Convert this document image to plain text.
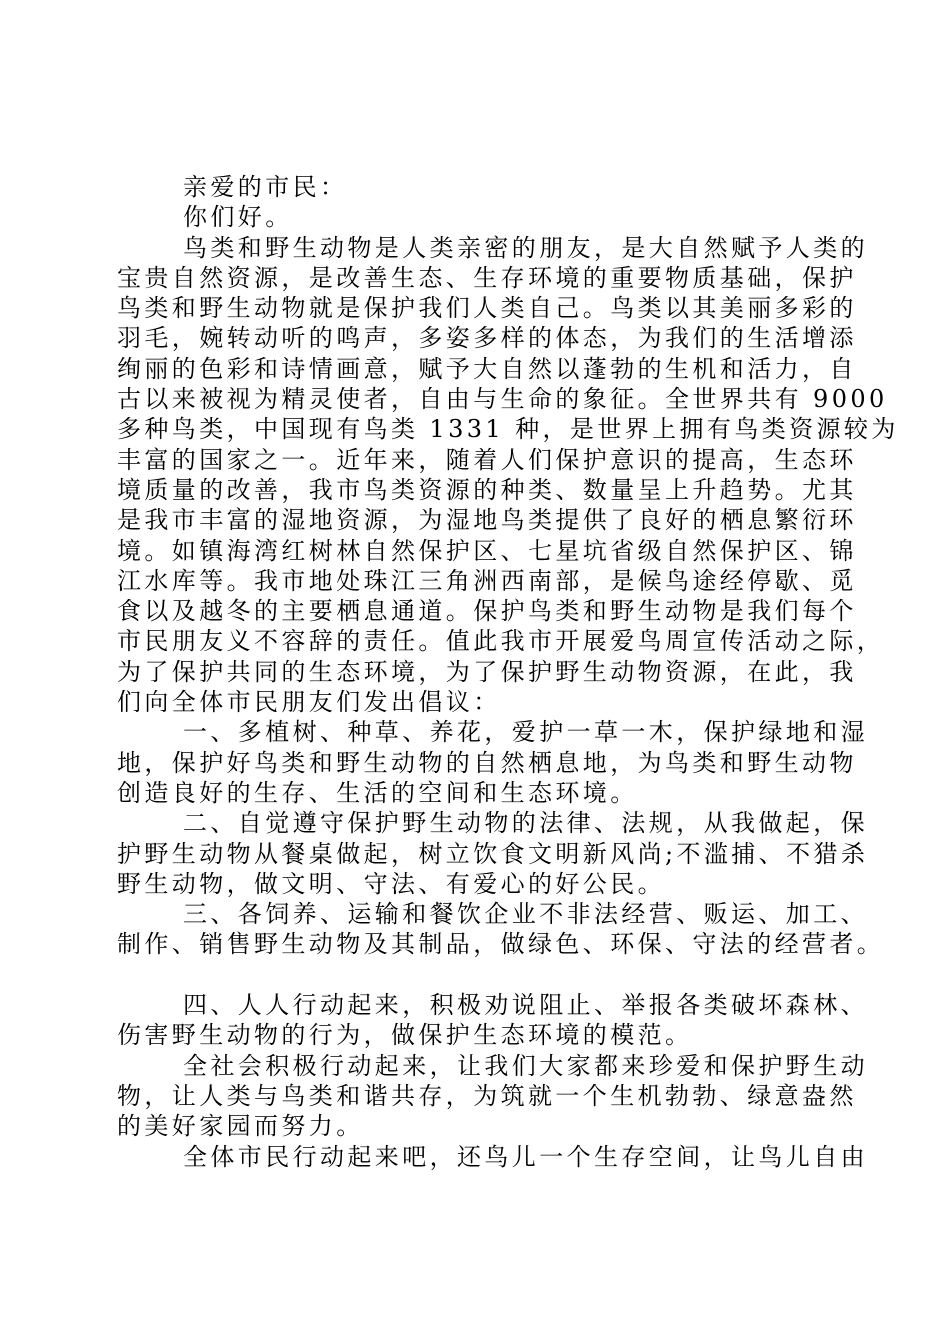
亲爱的市民：
你们好。
鸟类和野生动物是人类亲密的朋友，是大自然赋予人类的
宝贵自然资源，是改善生态、生存环境的重要物质基础，保护
鸟类和野生动物就是保护我们人类自己。鸟类以其美丽多彩的
羽毛，婉转动听的鸣声，多姿多样的体态，为我们的生活增添
绚丽的色彩和诗情画意，赋予大自然以蓬勃的生机和活力，自
古以来被视为精灵使者，自由与生命的象征。全世界共有 9000
多种鸟类，中国现有鸟类 1331 种，是世界上拥有鸟类资源较为
丰富的国家之一。近年来，随着人们保护意识的提高，生态环
境质量的改善，我市鸟类资源的种类、数量呈上升趋势。尤其
是我市丰富的湿地资源，为湿地鸟类提供了良好的栖息繁衍环
境。如镇海湾红树林自然保护区、七星坑省级自然保护区、锦
江水库等。我市地处珠江三角洲西南部，是候鸟途经停歇、觅
食以及越冬的主要栖息通道。保护鸟类和野生动物是我们每个
市民朋友义不容辞的责任。值此我市开展爱鸟周宣传活动之际，
为了保护共同的生态环境，为了保护野生动物资源，在此，我
们向全体市民朋友们发出倡议：
一、多植树、种草、养花，爱护一草一木，保护绿地和湿
地，保护好鸟类和野生动物的自然栖息地，为鸟类和野生动物
创造良好的生存、生活的空间和生态环境。
二、自觉遵守保护野生动物的法律、法规，从我做起，保
护野生动物从餐桌做起，树立饮食文明新风尚;不滥捕、不猎杀
野生动物，做文明、守法、有爱心的好公民。
三、各饲养、运输和餐饮企业不非法经营、贩运、加工、
制作、销售野生动物及其制品，做绿色、环保、守法的经营者。
四、人人行动起来，积极劝说阻止、举报各类破坏森林、
伤害野生动物的行为，做保护生态环境的模范。
全社会积极行动起来，让我们大家都来珍爱和保护野生动
物，让人类与鸟类和谐共存，为筑就一个生机勃勃、绿意盎然
的美好家园而努力。
全体市民行动起来吧，还鸟儿一个生存空间，让鸟儿自由
